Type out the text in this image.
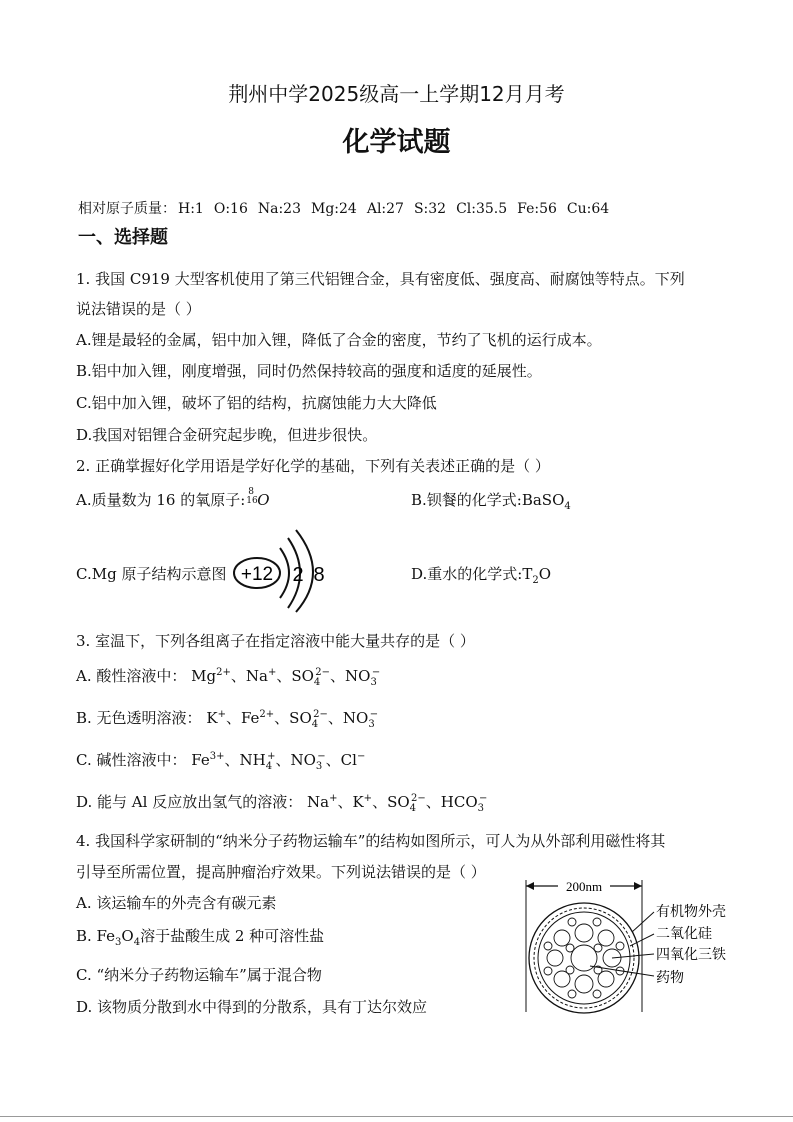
荆州中学2025级高一上学期12月月考
化学试题
相对原子质量： H:1 O:16 Na:23 Mg:24 Al:27 S:32 Cl:35.5 Fe:56 Cu:64
一、选择题
1. 我国 C919 大型客机使用了第三代铝锂合金，具有密度低、强度高、耐腐蚀等特点。下列
说法错误的是（ ）
A.锂是最轻的金属，铝中加入锂，降低了合金的密度，节约了飞机的运行成本。
B.铝中加入锂，刚度增强，同时仍然保持较高的强度和适度的延展性。
C.铝中加入锂，破坏了铝的结构，抗腐蚀能力大大降低
D.我国对铝锂合金研究起步晚，但进步很快。
2. 正确掌握好化学用语是学好化学的基础，下列有关表述正确的是（ ）
A.质量数为 16 的氧原子: 8
16 O	B.钡餐的化学式:BaSO$_4$
C.Mg 原子结构示意图 +12 2 8	D.重水的化学式$:T_2O$
3. 室温下，下列各组离子在指定溶液中能大量共存的是（ ）
A. 酸性溶液中： $Mg^{2+}$、Na+、$SO_4^{2-}$、$NO_3^-$
B. 无色透明溶液： K+、$Fe^{2+}$、$SO_4^{2-}$、$NO_3^-$
C. 碱性溶液中： $Fe^{3+}$、$NH_4^+$、$NO_3^-$、Cl−
D. 能与 Al 反应放出氢气的溶液： Na+、K+、$SO_4^{2-}$、$HCO_3^-$
4. 我国科学家研制的“纳米分子药物运输车”的结构如图所示，可人为从外部利用磁性将其
引导至所需位置，提高肿瘤治疗效果。下列说法错误的是（ ）
A. 该运输车的外壳含有碳元素
B. $Fe_3O_4$溶于盐酸生成 2 种可溶性盐
C. “纳米分子药物运输车”属于混合物
D. 该物质分散到水中得到的分散系，具有丁达尔效应
200nm
有机物外壳
二氧化硅
四氧化三铁
药物
